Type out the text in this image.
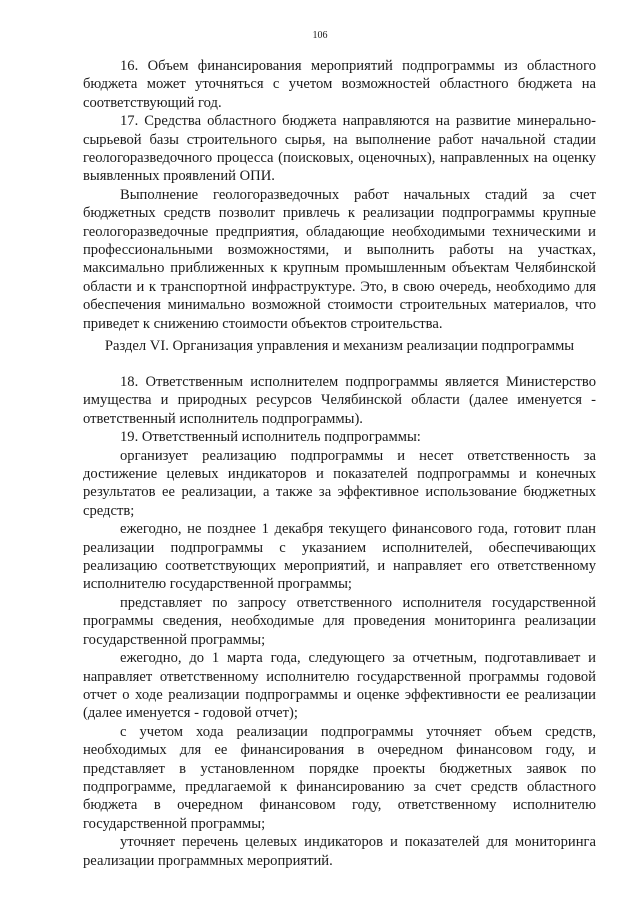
106

16. Объем финансирования мероприятий подпрограммы из областного бюджета может уточняться с учетом возможностей областного бюджета на соответствующий год.

17. Средства областного бюджета направляются на развитие минерально-сырьевой базы строительного сырья, на выполнение работ начальной стадии геологоразведочного процесса (поисковых, оценочных), направленных на оценку выявленных проявлений ОПИ.

Выполнение геологоразведочных работ начальных стадий за счет бюджетных средств позволит привлечь к реализации подпрограммы крупные геологоразведочные предприятия, обладающие необходимыми техническими и профессиональными возможностями, и выполнить работы на участках, максимально приближенных к крупным промышленным объектам Челябинской области и к транспортной инфраструктуре. Это, в свою очередь, необходимо для обеспечения минимально возможной стоимости строительных материалов, что приведет к снижению стоимости объектов строительства.

Раздел VI. Организация управления и механизм реализации подпрограммы

18. Ответственным исполнителем подпрограммы является Министерство имущества и природных ресурсов Челябинской области (далее именуется - ответственный исполнитель подпрограммы).

19. Ответственный исполнитель подпрограммы:

организует реализацию подпрограммы и несет ответственность за достижение целевых индикаторов и показателей подпрограммы и конечных результатов ее реализации, а также за эффективное использование бюджетных средств;

ежегодно, не позднее 1 декабря текущего финансового года, готовит план реализации подпрограммы с указанием исполнителей, обеспечивающих реализацию соответствующих мероприятий, и направляет его ответственному исполнителю государственной программы;

представляет по запросу ответственного исполнителя государственной программы сведения, необходимые для проведения мониторинга реализации государственной программы;

ежегодно, до 1 марта года, следующего за отчетным, подготавливает и направляет ответственному исполнителю государственной программы годовой отчет о ходе реализации подпрограммы и оценке эффективности ее реализации (далее именуется - годовой отчет);

с учетом хода реализации подпрограммы уточняет объем средств, необходимых для ее финансирования в очередном финансовом году, и представляет в установленном порядке проекты бюджетных заявок по подпрограмме, предлагаемой к финансированию за счет средств областного бюджета в очередном финансовом году, ответственному исполнителю государственной программы;

уточняет перечень целевых индикаторов и показателей для мониторинга реализации программных мероприятий.
